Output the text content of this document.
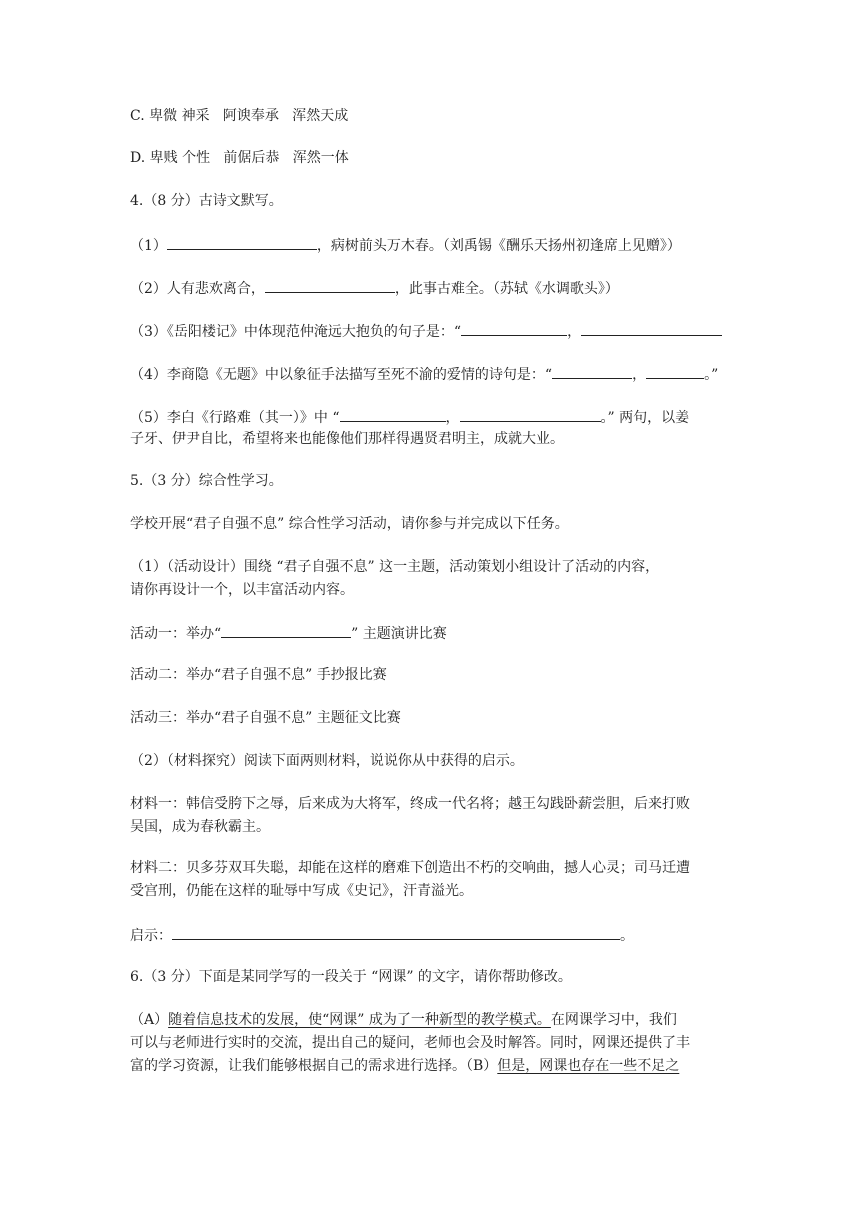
C. 卑微 神采   阿谀奉承   浑然天成
D. 卑贱 个性   前倨后恭   浑然一体
4.（8 分）古诗文默写。
（1）	，病树前头万木春。（刘禹锡《酬乐天扬州初逢席上见赠》）
（2）人有悲欢离合，	，此事古难全。（苏轼《水调歌头》）
（3）《岳阳楼记》中体现范仲淹远大抱负的句子是：“	，
（4）李商隐《无题》中以象征手法描写至死不渝的爱情的诗句是：“	，	。”
（5）李白《行路难（其一）》中 “	，	。” 两句，以姜
子牙、伊尹自比，希望将来也能像他们那样得遇贤君明主，成就大业。
5.（3 分）综合性学习。
学校开展“君子自强不息” 综合性学习活动，请你参与并完成以下任务。
（1）（活动设计）围绕 “君子自强不息” 这一主题，活动策划小组设计了活动的内容，
请你再设计一个，以丰富活动内容。
活动一：举办“	” 主题演讲比赛
活动二：举办“君子自强不息” 手抄报比赛
活动三：举办“君子自强不息” 主题征文比赛
（2）（材料探究）阅读下面两则材料，说说你从中获得的启示。
材料一：韩信受胯下之辱，后来成为大将军，终成一代名将；越王勾践卧薪尝胆，后来打败
吴国，成为春秋霸主。
材料二：贝多芬双耳失聪，却能在这样的磨难下创造出不朽的交响曲，撼人心灵；司马迁遭
受宫刑，仍能在这样的耻辱中写成《史记》，汗青溢光。
启示：	。
6.（3 分）下面是某同学写的一段关于 “网课” 的文字，请你帮助修改。
（A）随着信息技术的发展，使“网课” 成为了一种新型的教学模式。在网课学习中，我们
可以与老师进行实时的交流，提出自己的疑问，老师也会及时解答。同时，网课还提供了丰
富的学习资源，让我们能够根据自己的需求进行选择。（B）但是，网课也存在一些不足之
